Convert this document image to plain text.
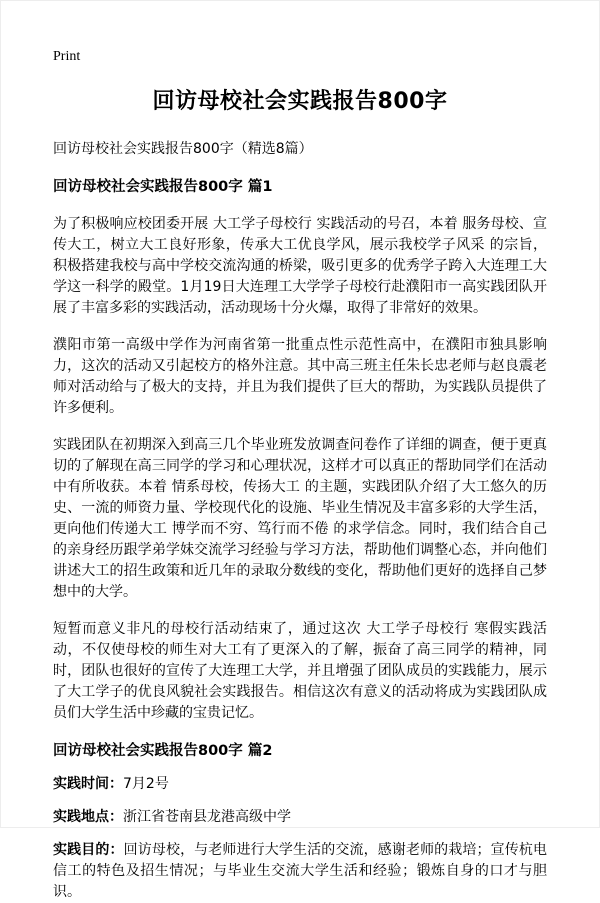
Print
回访母校社会实践报告800字

回访母校社会实践报告800字（精选8篇）

回访母校社会实践报告800字 篇1

为了积极响应校团委开展 大工学子母校行 实践活动的号召，本着 服务母校、宣传大工，树立大工良好形象，传承大工优良学风，展示我校学子风采 的宗旨，积极搭建我校与高中学校交流沟通的桥梁，吸引更多的优秀学子跨入大连理工大学这一科学的殿堂。1月19日大连理工大学学子母校行赴濮阳市一高实践团队开展了丰富多彩的实践活动，活动现场十分火爆，取得了非常好的效果。

濮阳市第一高级中学作为河南省第一批重点性示范性高中，在濮阳市独具影响力，这次的活动又引起校方的格外注意。其中高三班主任朱长忠老师与赵良震老师对活动给与了极大的支持，并且为我们提供了巨大的帮助，为实践队员提供了许多便利。

实践团队在初期深入到高三几个毕业班发放调查问卷作了详细的调查，便于更真切的了解现在高三同学的学习和心理状况，这样才可以真正的帮助同学们在活动中有所收获。本着 情系母校，传扬大工 的主题，实践团队介绍了大工悠久的历史、一流的师资力量、学校现代化的设施、毕业生情况及丰富多彩的大学生活，更向他们传递大工 博学而不穷、笃行而不倦 的求学信念。同时，我们结合自己的亲身经历跟学弟学妹交流学习经验与学习方法，帮助他们调整心态，并向他们讲述大工的招生政策和近几年的录取分数线的变化，帮助他们更好的选择自己梦想中的大学。

短暂而意义非凡的母校行活动结束了，通过这次 大工学子母校行 寒假实践活动，不仅使母校的师生对大工有了更深入的了解，振奋了高三同学的精神，同时，团队也很好的宣传了大连理工大学，并且增强了团队成员的实践能力，展示了大工学子的优良风貌社会实践报告。相信这次有意义的活动将成为实践团队成员们大学生活中珍藏的宝贵记忆。

回访母校社会实践报告800字 篇2

实践时间：7月2号

实践地点：浙江省苍南县龙港高级中学

实践目的：回访母校，与老师进行大学生活的交流，感谢老师的栽培；宣传杭电信工的特色及招生情况；与毕业生交流大学生活和经验；锻炼自身的口才与胆识。
